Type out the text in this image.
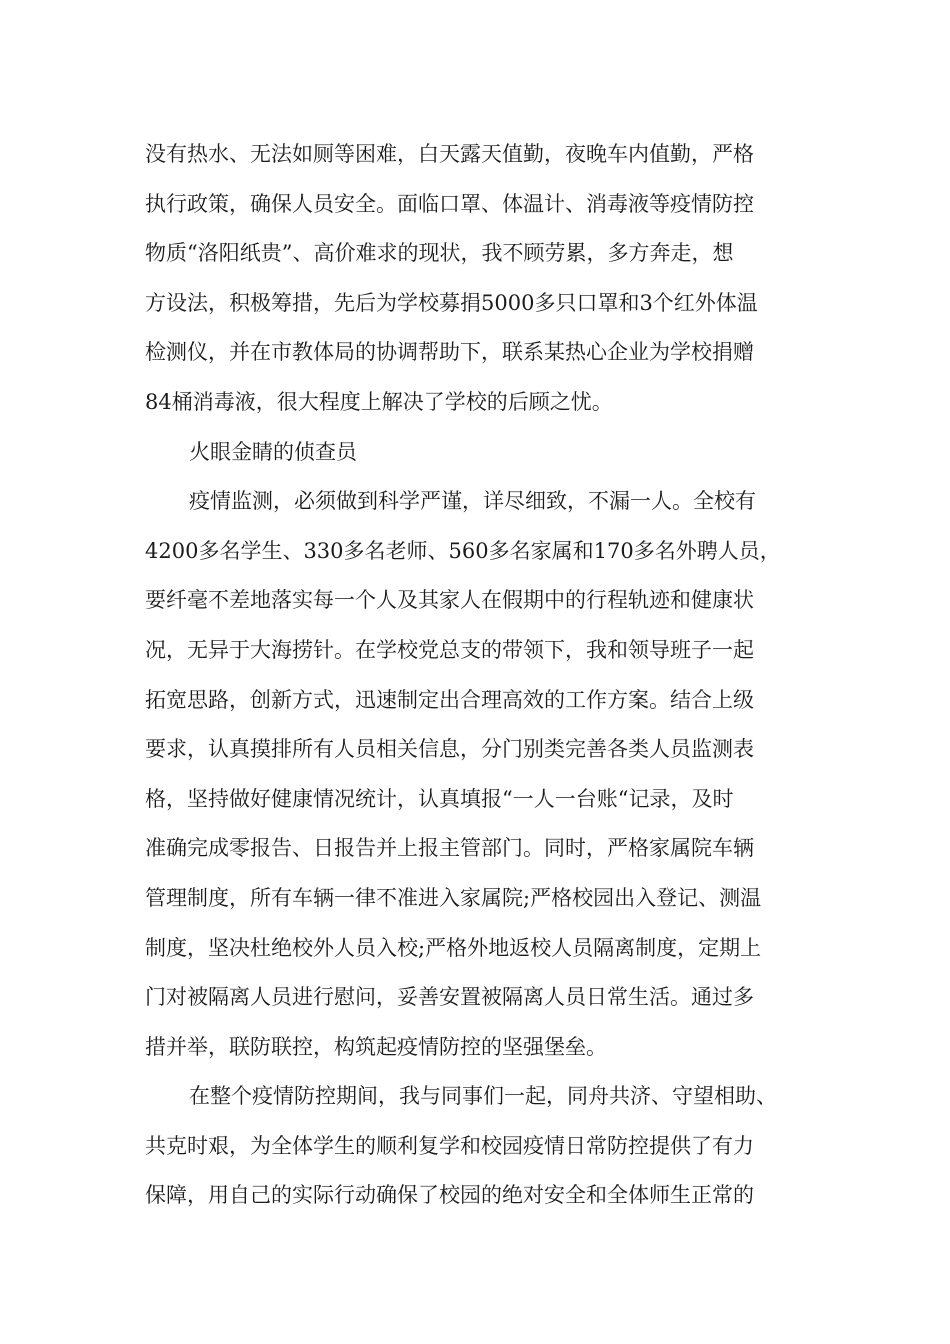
没有热水、无法如厕等困难，白天露天值勤，夜晚车内值勤，严格
执行政策，确保人员安全。面临口罩、体温计、消毒液等疫情防控
物质“洛阳纸贵”、高价难求的现状，我不顾劳累，多方奔走，想
方设法，积极筹措，先后为学校募捐5000多只口罩和3个红外体温
检测仪，并在市教体局的协调帮助下，联系某热心企业为学校捐赠
84桶消毒液，很大程度上解决了学校的后顾之忧。
火眼金睛的侦查员
疫情监测，必须做到科学严谨，详尽细致，不漏一人。全校有
4200多名学生、330多名老师、560多名家属和170多名外聘人员，
要纤毫不差地落实每一个人及其家人在假期中的行程轨迹和健康状
况，无异于大海捞针。在学校党总支的带领下，我和领导班子一起
拓宽思路，创新方式，迅速制定出合理高效的工作方案。结合上级
要求，认真摸排所有人员相关信息，分门别类完善各类人员监测表
格，坚持做好健康情况统计，认真填报“一人一台账“记录，及时
准确完成零报告、日报告并上报主管部门。同时，严格家属院车辆
管理制度，所有车辆一律不准进入家属院;严格校园出入登记、测温
制度，坚决杜绝校外人员入校;严格外地返校人员隔离制度，定期上
门对被隔离人员进行慰问，妥善安置被隔离人员日常生活。通过多
措并举，联防联控，构筑起疫情防控的坚强堡垒。
在整个疫情防控期间，我与同事们一起，同舟共济、守望相助、
共克时艰，为全体学生的顺利复学和校园疫情日常防控提供了有力
保障，用自己的实际行动确保了校园的绝对安全和全体师生正常的
